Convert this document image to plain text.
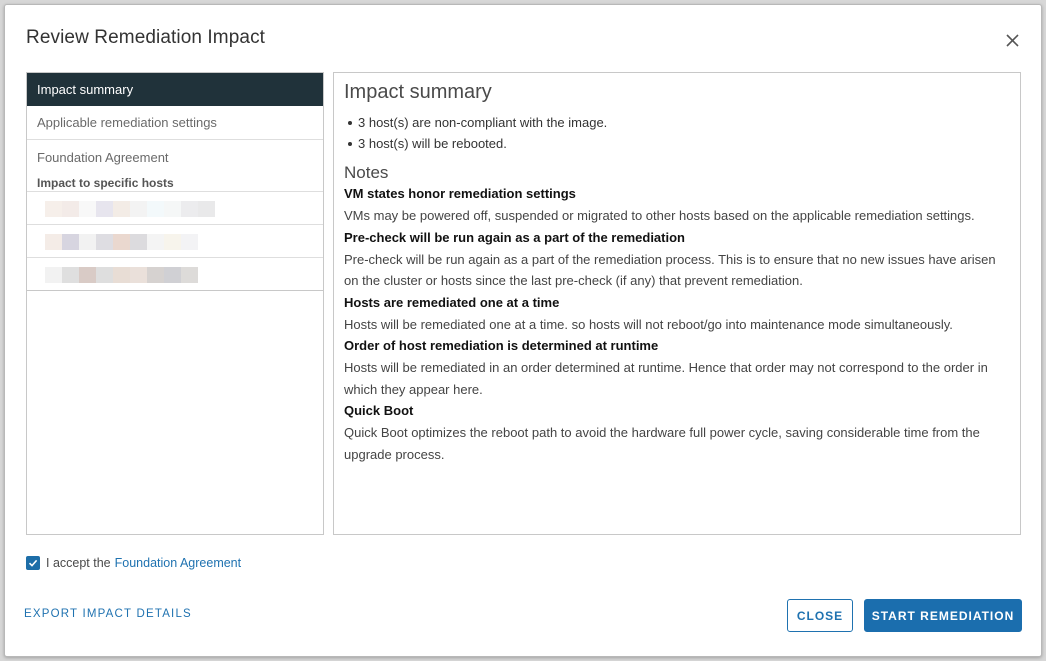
Review Remediation Impact
Impact summary
Applicable remediation settings
Foundation Agreement
Impact to specific hosts
Impact summary
3 host(s) are non-compliant with the image.
3 host(s) will be rebooted.
Notes
VM states honor remediation settings
VMs may be powered off, suspended or migrated to other hosts based on the applicable remediation settings.
Pre-check will be run again as a part of the remediation
Pre-check will be run again as a part of the remediation process. This is to ensure that no new issues have arisen on the cluster or hosts since the last pre-check (if any) that prevent remediation.
Hosts are remediated one at a time
Hosts will be remediated one at a time. so hosts will not reboot/go into maintenance mode simultaneously.
Order of host remediation is determined at runtime
Hosts will be remediated in an order determined at runtime. Hence that order may not correspond to the order in which they appear here.
Quick Boot
Quick Boot optimizes the reboot path to avoid the hardware full power cycle, saving considerable time from the upgrade process.
I accept the Foundation Agreement
EXPORT IMPACT DETAILS	CLOSE	START REMEDIATION
